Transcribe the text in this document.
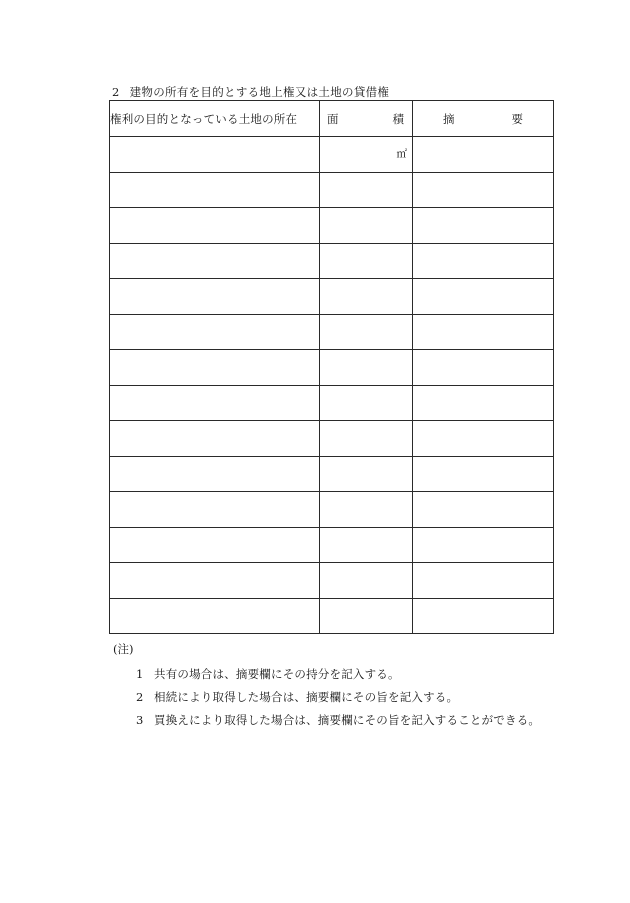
2 建物の所有を目的とする地上権又は土地の貸借権
権利の目的となっている土地の所在	面 積	摘 要

	㎡	

(注)
1 共有の場合は、摘要欄にその持分を記入する。
2 相続により取得した場合は、摘要欄にその旨を記入する。
3 買換えにより取得した場合は、摘要欄にその旨を記入することができる。
